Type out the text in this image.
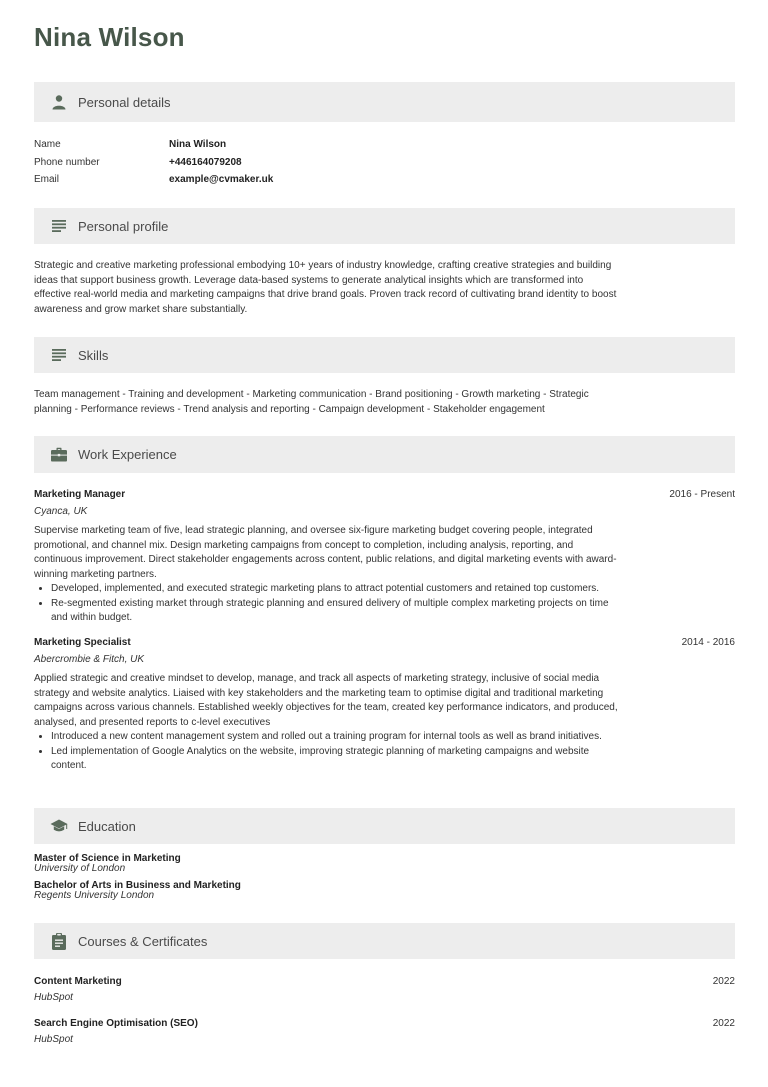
Nina Wilson
Personal details
Name	Nina Wilson
Phone number	+446164079208
Email	example@cvmaker.uk
Personal profile
Strategic and creative marketing professional embodying 10+ years of industry knowledge, crafting creative strategies and building ideas that support business growth. Leverage data-based systems to generate analytical insights which are transformed into effective real-world media and marketing campaigns that drive brand goals. Proven track record of cultivating brand identity to boost awareness and grow market share substantially.
Skills
Team management - Training and development - Marketing communication - Brand positioning - Growth marketing - Strategic planning - Performance reviews - Trend analysis and reporting - Campaign development - Stakeholder engagement
Work Experience
Marketing Manager	2016 - Present
Cyanca, UK
Supervise marketing team of five, lead strategic planning, and oversee six-figure marketing budget covering people, integrated promotional, and channel mix. Design marketing campaigns from concept to completion, including analysis, reporting, and continuous improvement. Direct stakeholder engagements across content, public relations, and digital marketing events with award-winning marketing partners.
• Developed, implemented, and executed strategic marketing plans to attract potential customers and retained top customers.
• Re-segmented existing market through strategic planning and ensured delivery of multiple complex marketing projects on time and within budget.
Marketing Specialist	2014 - 2016
Abercrombie & Fitch, UK
Applied strategic and creative mindset to develop, manage, and track all aspects of marketing strategy, inclusive of social media strategy and website analytics. Liaised with key stakeholders and the marketing team to optimise digital and traditional marketing campaigns across various channels. Established weekly objectives for the team, created key performance indicators, and produced, analysed, and presented reports to c-level executives
• Introduced a new content management system and rolled out a training program for internal tools as well as brand initiatives.
• Led implementation of Google Analytics on the website, improving strategic planning of marketing campaigns and website content.
Education
Master of Science in Marketing
University of London
Bachelor of Arts in Business and Marketing
Regents University London
Courses & Certificates
Content Marketing	2022
HubSpot
Search Engine Optimisation (SEO)	2022
HubSpot
